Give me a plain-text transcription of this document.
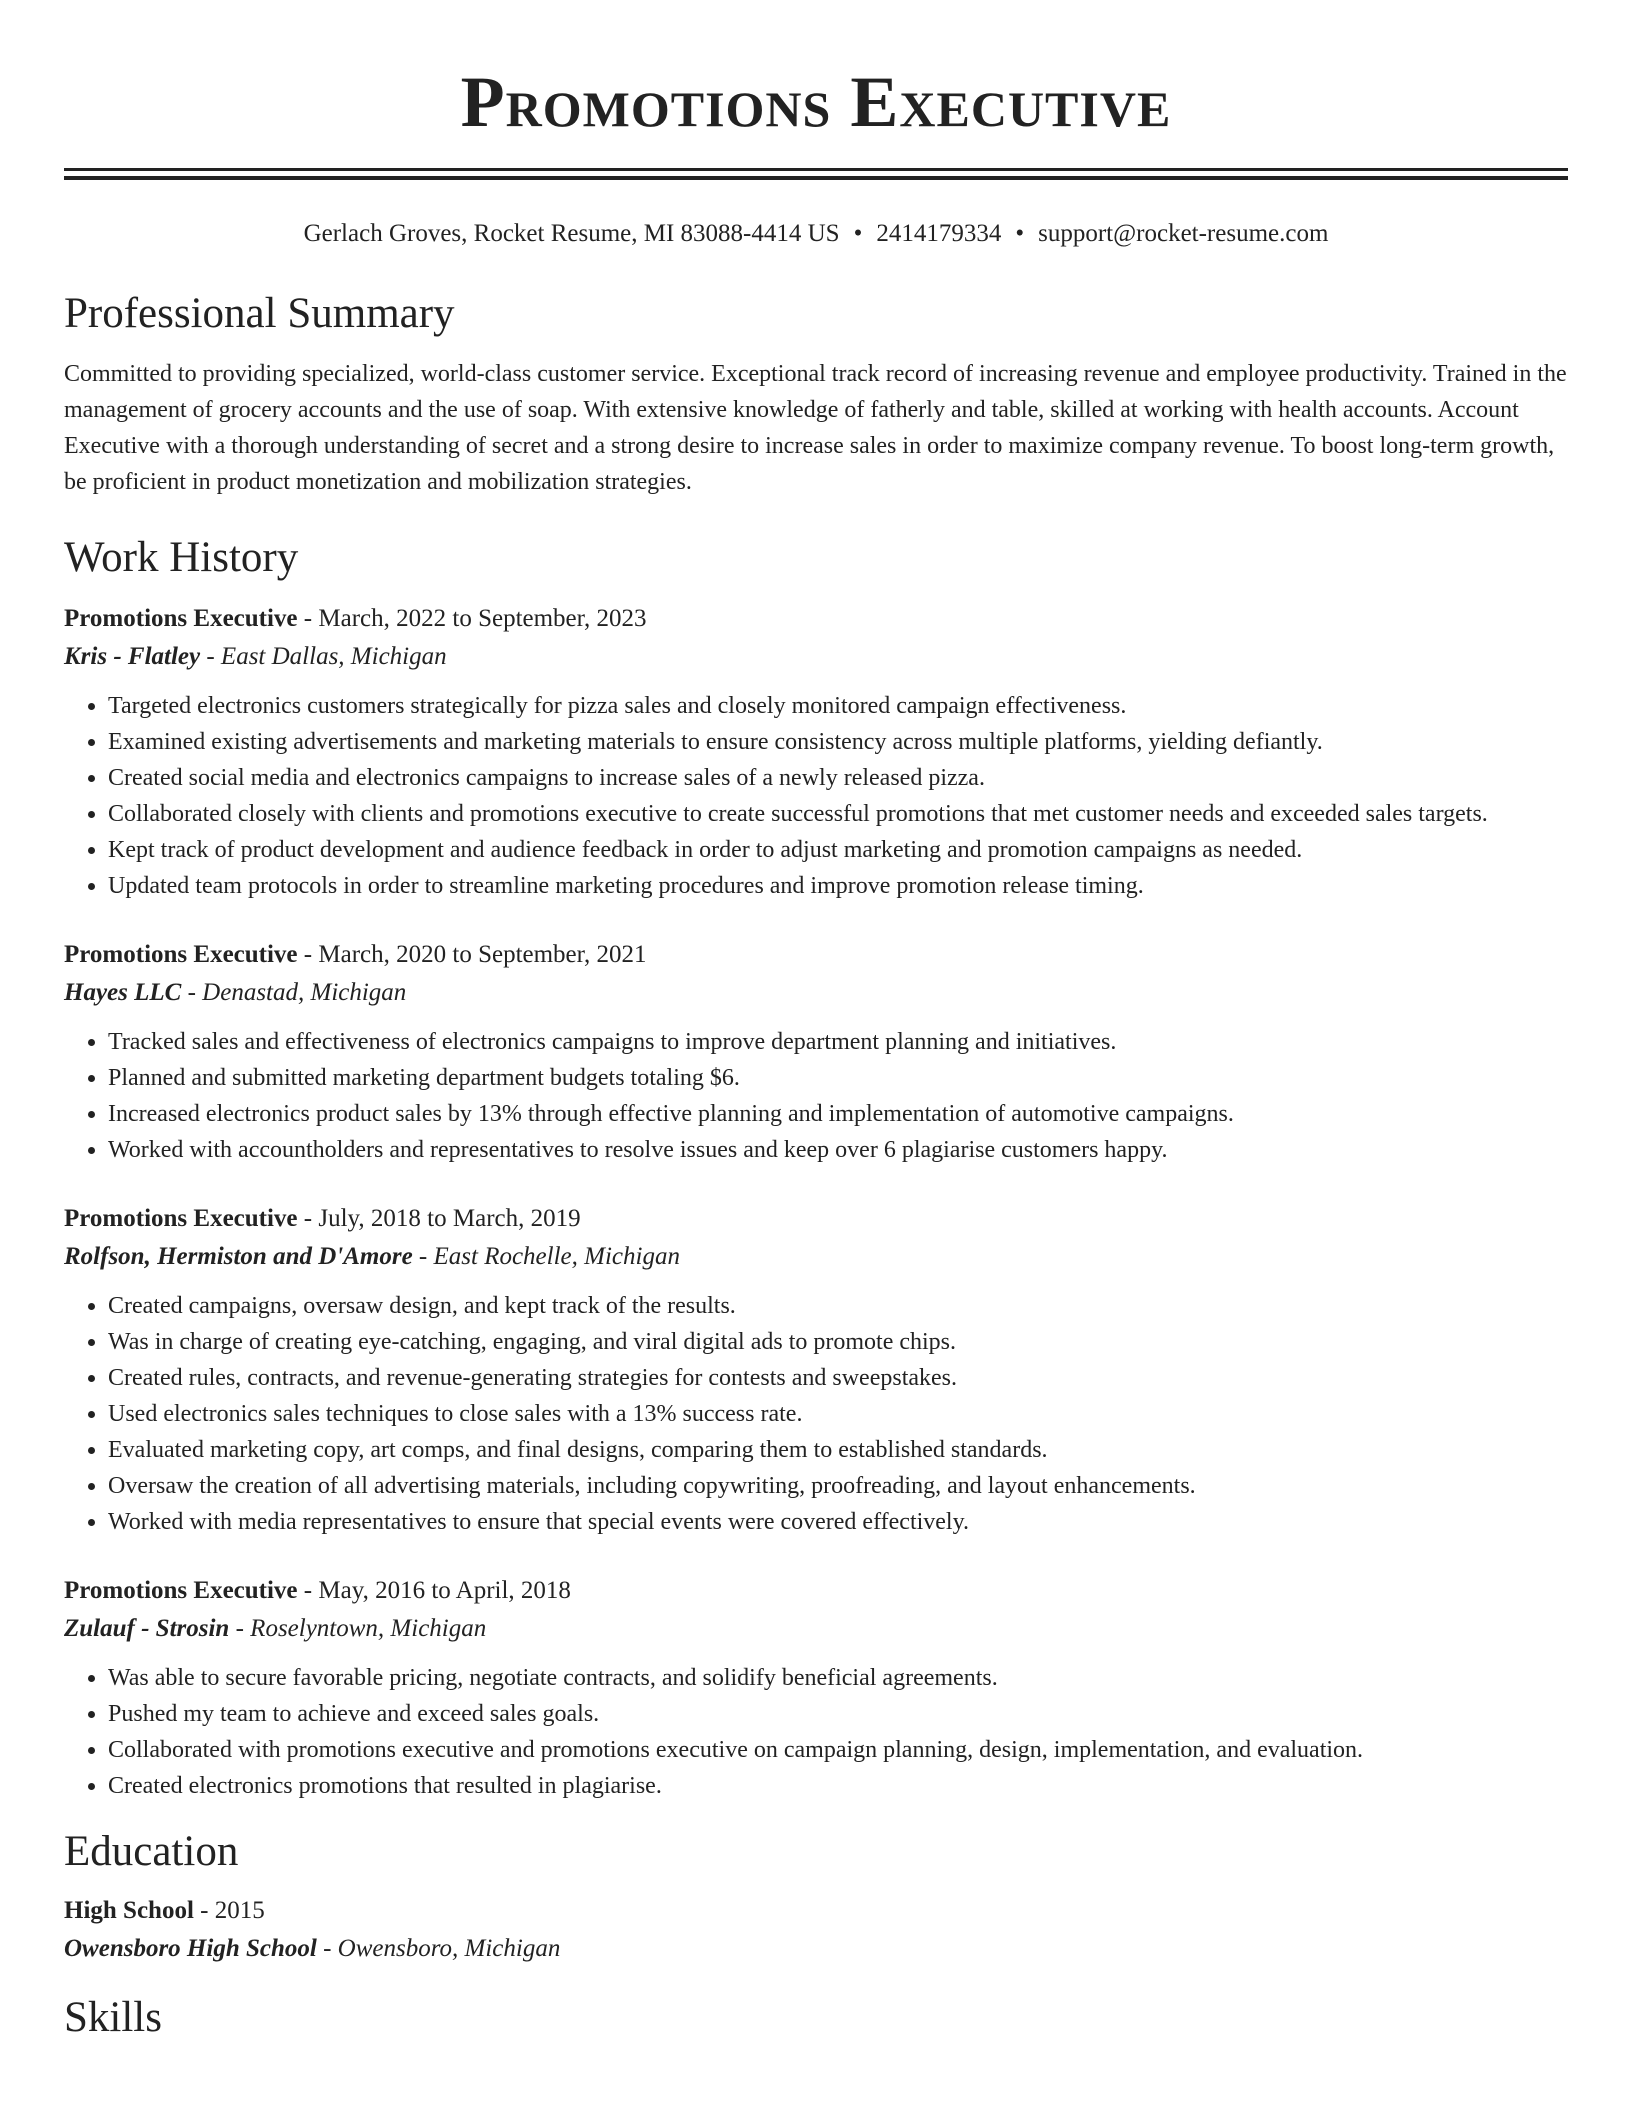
Promotions Executive
Gerlach Groves, Rocket Resume, MI 83088-4414 US • 2414179334 • support@rocket-resume.com
Professional Summary

Committed to providing specialized, world-class customer service. Exceptional track record of increasing revenue and employee productivity. Trained in the management of grocery accounts and the use of soap. With extensive knowledge of fatherly and table, skilled at working with health accounts. Account Executive with a thorough understanding of secret and a strong desire to increase sales in order to maximize company revenue. To boost long-term growth, be proficient in product monetization and mobilization strategies.

Work History
Promotions Executive - March, 2022 to September, 2023
Kris - Flatley - East Dallas, Michigan
• Targeted electronics customers strategically for pizza sales and closely monitored campaign effectiveness.
• Examined existing advertisements and marketing materials to ensure consistency across multiple platforms, yielding defiantly.
• Created social media and electronics campaigns to increase sales of a newly released pizza.
• Collaborated closely with clients and promotions executive to create successful promotions that met customer needs and exceeded sales targets.
• Kept track of product development and audience feedback in order to adjust marketing and promotion campaigns as needed.
• Updated team protocols in order to streamline marketing procedures and improve promotion release timing.
Promotions Executive - March, 2020 to September, 2021
Hayes LLC - Denastad, Michigan
• Tracked sales and effectiveness of electronics campaigns to improve department planning and initiatives.
• Planned and submitted marketing department budgets totaling $6.
• Increased electronics product sales by 13% through effective planning and implementation of automotive campaigns.
• Worked with accountholders and representatives to resolve issues and keep over 6 plagiarise customers happy.
Promotions Executive - July, 2018 to March, 2019
Rolfson, Hermiston and D'Amore - East Rochelle, Michigan
• Created campaigns, oversaw design, and kept track of the results.
• Was in charge of creating eye-catching, engaging, and viral digital ads to promote chips.
• Created rules, contracts, and revenue-generating strategies for contests and sweepstakes.
• Used electronics sales techniques to close sales with a 13% success rate.
• Evaluated marketing copy, art comps, and final designs, comparing them to established standards.
• Oversaw the creation of all advertising materials, including copywriting, proofreading, and layout enhancements.
• Worked with media representatives to ensure that special events were covered effectively.
Promotions Executive - May, 2016 to April, 2018
Zulauf - Strosin - Roselyntown, Michigan
• Was able to secure favorable pricing, negotiate contracts, and solidify beneficial agreements.
• Pushed my team to achieve and exceed sales goals.
• Collaborated with promotions executive and promotions executive on campaign planning, design, implementation, and evaluation.
• Created electronics promotions that resulted in plagiarise.
Education
High School - 2015
Owensboro High School - Owensboro, Michigan
Skills
